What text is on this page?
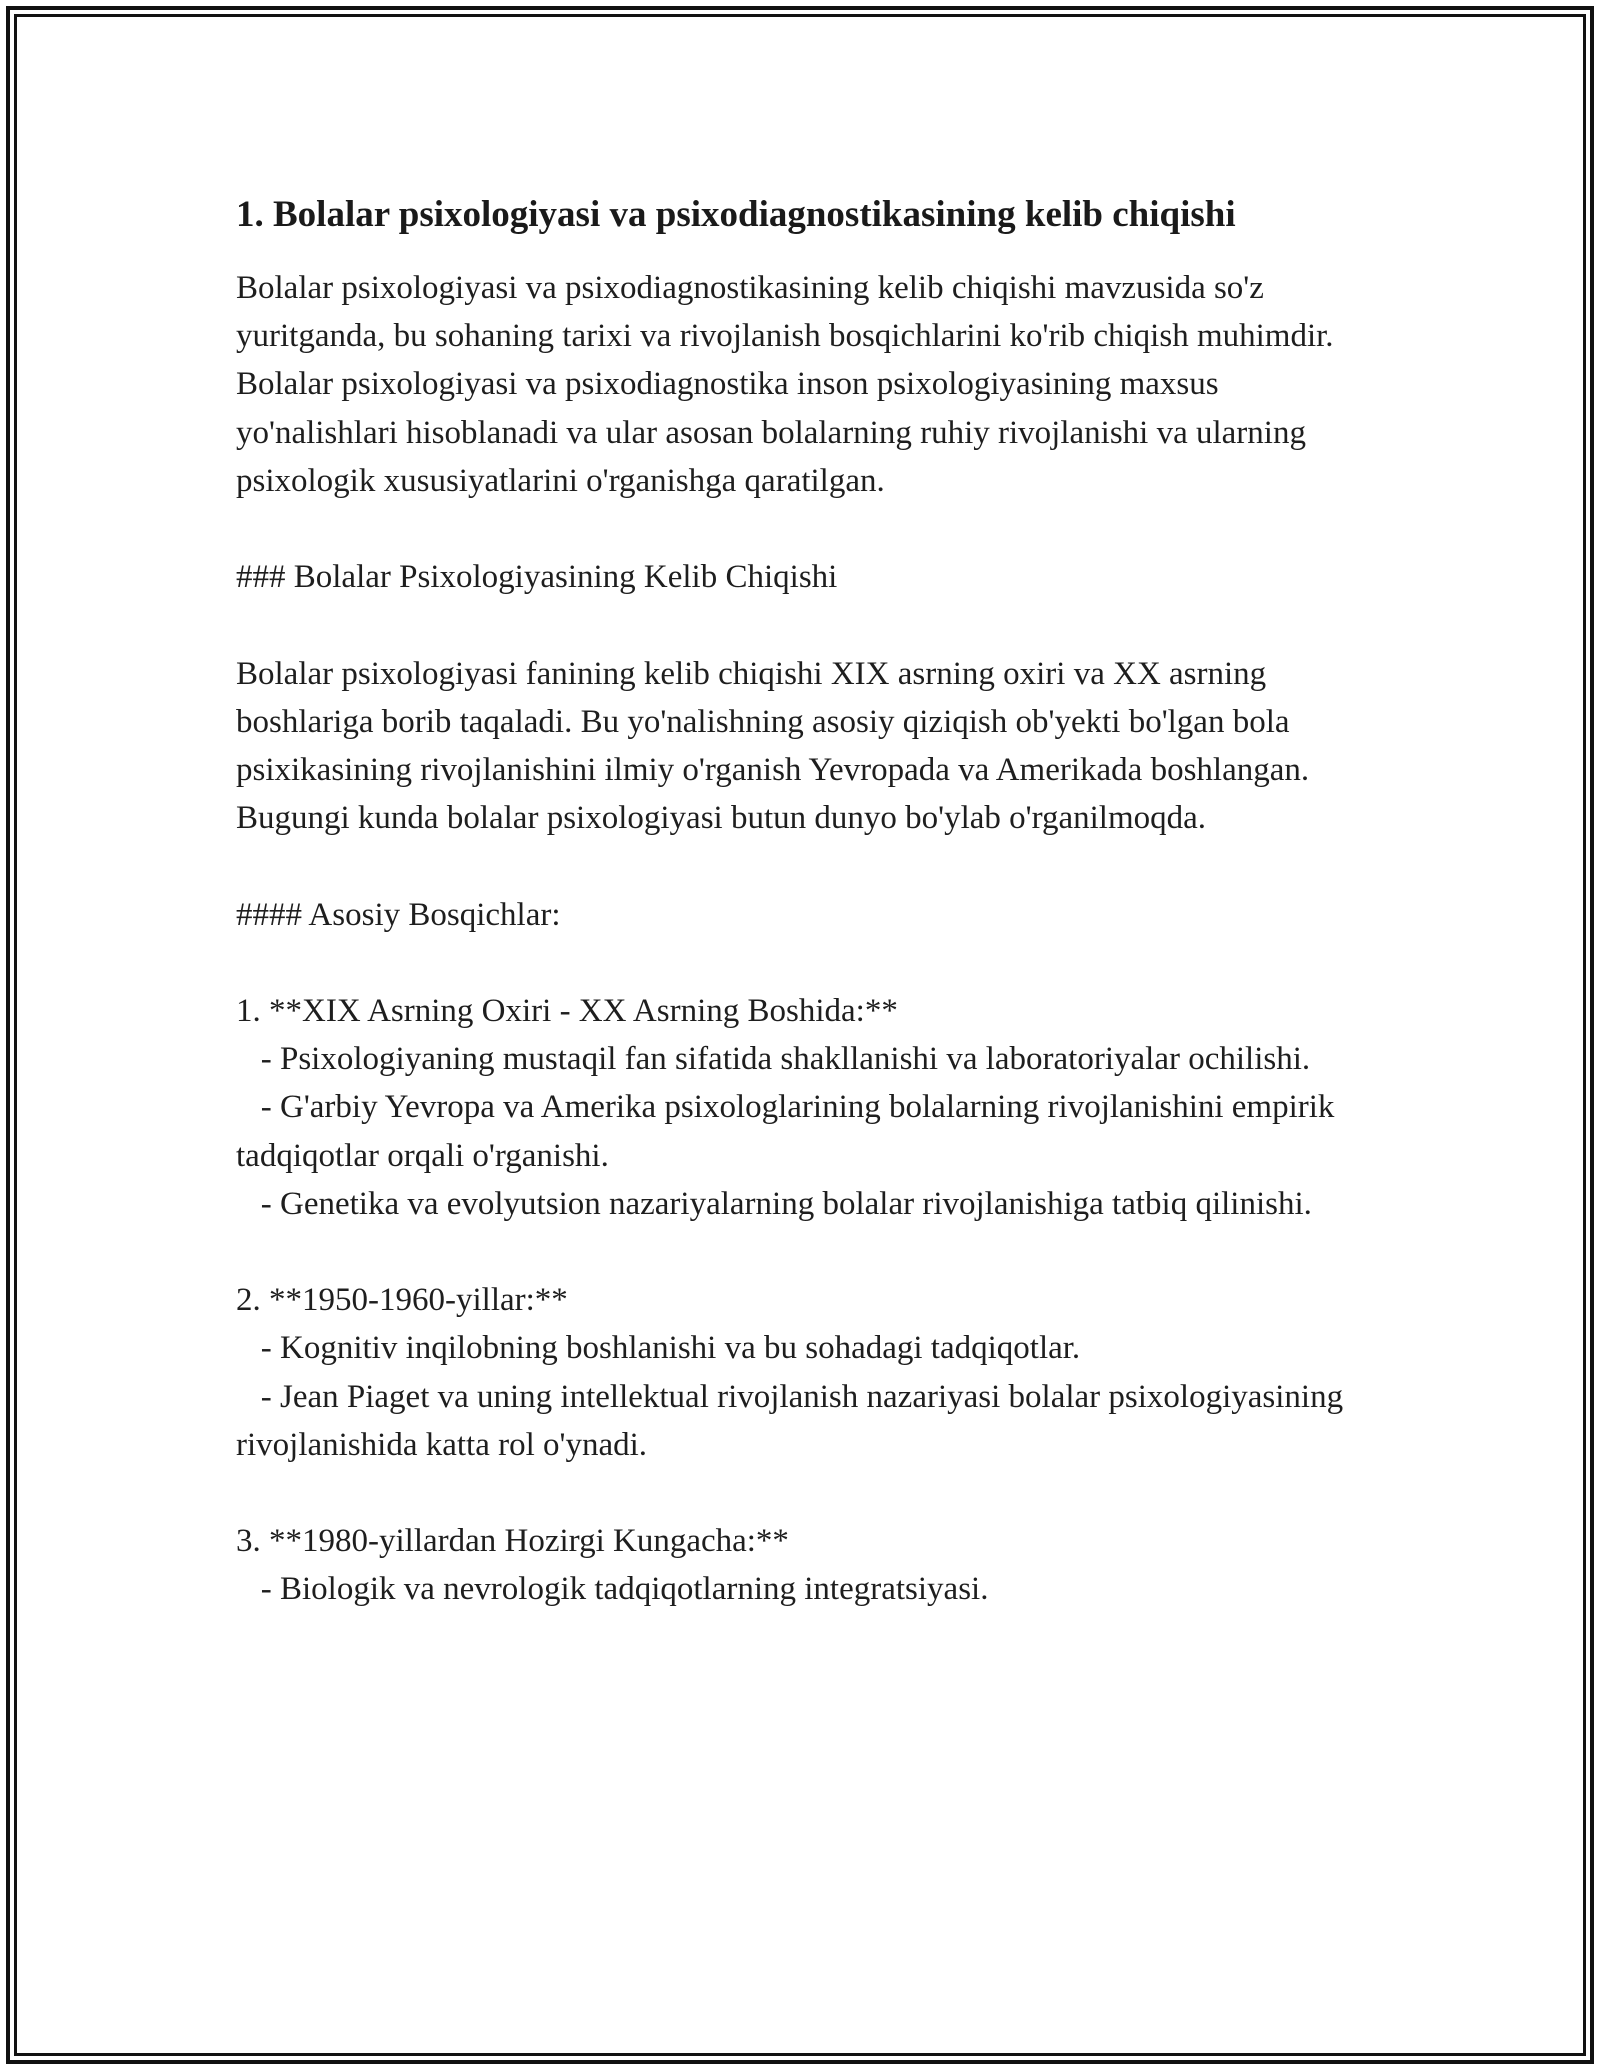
1. Bolalar psixologiyasi va psixodiagnostikasining kelib chiqishi

Bolalar psixologiyasi va psixodiagnostikasining kelib chiqishi mavzusida so'z yuritganda, bu sohaning tarixi va rivojlanish bosqichlarini ko'rib chiqish muhimdir. Bolalar psixologiyasi va psixodiagnostika inson psixologiyasining maxsus yo'nalishlari hisoblanadi va ular asosan bolalarning ruhiy rivojlanishi va ularning psixologik xususiyatlarini o'rganishga qaratilgan.

### Bolalar Psixologiyasining Kelib Chiqishi

Bolalar psixologiyasi fanining kelib chiqishi XIX asrning oxiri va XX asrning boshlariga borib taqaladi. Bu yo'nalishning asosiy qiziqish ob'yekti bo'lgan bola psixikasining rivojlanishini ilmiy o'rganish Yevropada va Amerikada boshlangan. Bugungi kunda bolalar psixologiyasi butun dunyo bo'ylab o'rganilmoqda.

#### Asosiy Bosqichlar:

1. **XIX Asrning Oxiri - XX Asrning Boshida:**

- Psixologiyaning mustaqil fan sifatida shakllanishi va laboratoriyalar ochilishi.

- G'arbiy Yevropa va Amerika psixologlarining bolalarning rivojlanishini empirik tadqiqotlar orqali o'rganishi.

- Genetika va evolyutsion nazariyalarning bolalar rivojlanishiga tatbiq qilinishi.

2. **1950-1960-yillar:**

- Kognitiv inqilobning boshlanishi va bu sohadagi tadqiqotlar.

- Jean Piaget va uning intellektual rivojlanish nazariyasi bolalar psixologiyasining rivojlanishida katta rol o'ynadi.

3. **1980-yillardan Hozirgi Kungacha:**

- Biologik va nevrologik tadqiqotlarning integratsiyasi.
